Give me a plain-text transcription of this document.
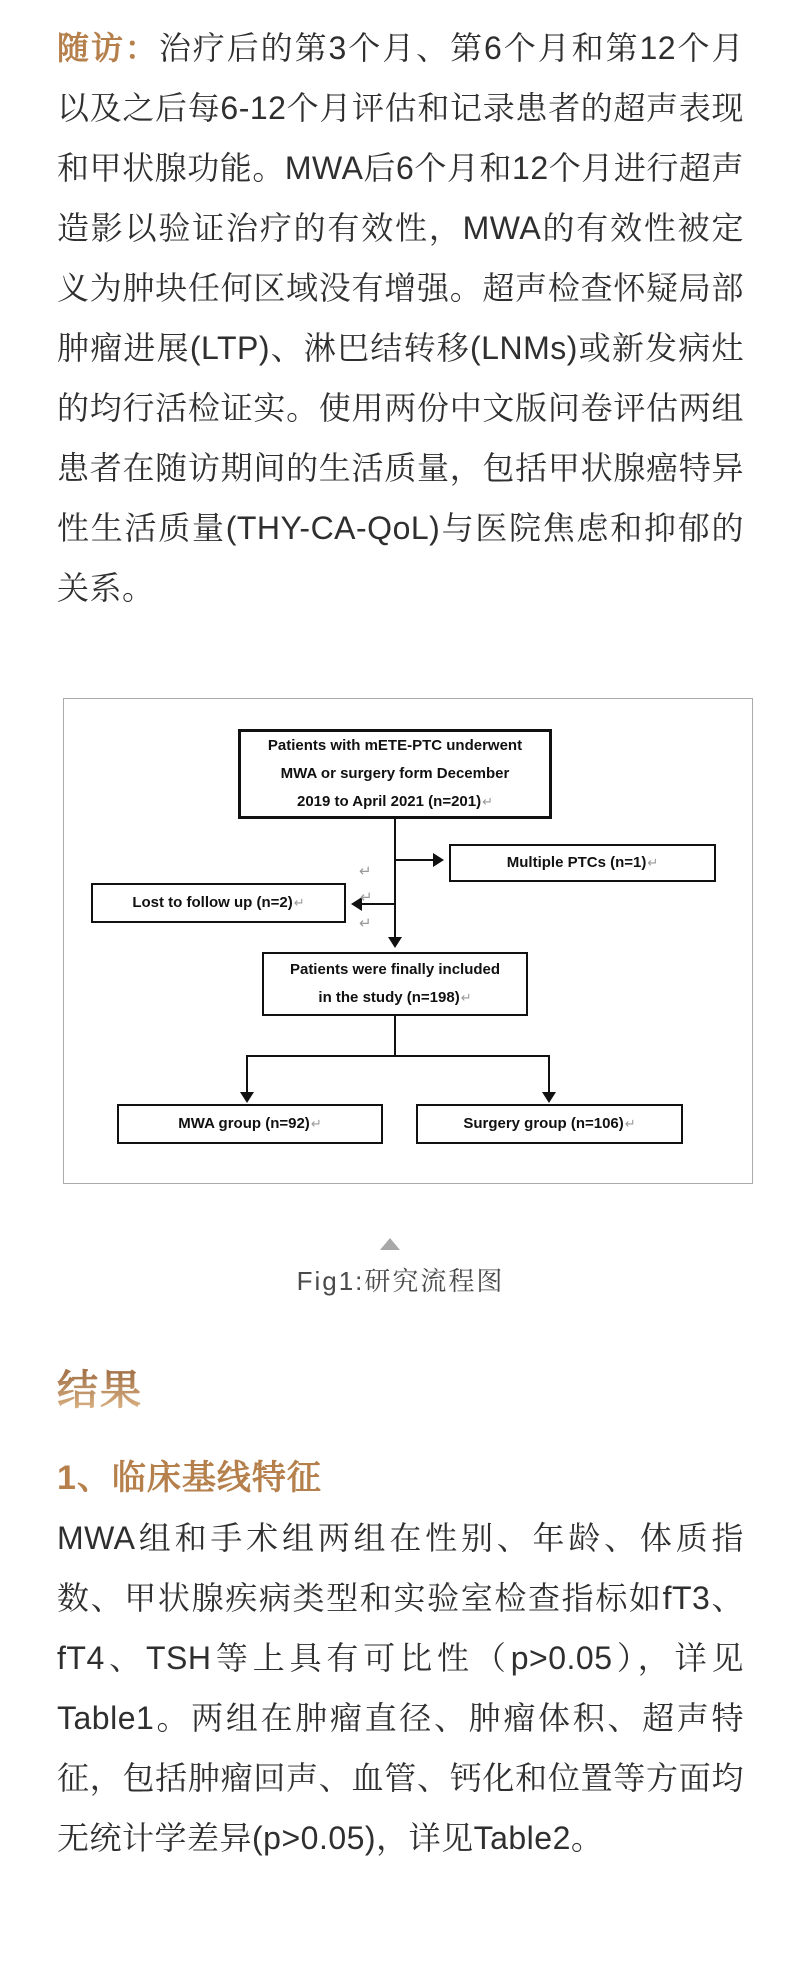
随访：治疗后的第3个月、第6个月和第12个月以及之后每6-12个月评估和记录患者的超声表现和甲状腺功能。MWA后6个月和12个月进行超声造影以验证治疗的有效性，MWA的有效性被定义为肿块任何区域没有增强。超声检查怀疑局部肿瘤进展(LTP)、淋巴结转移(LNMs)或新发病灶的均行活检证实。使用两份中文版问卷评估两组患者在随访期间的生活质量，包括甲状腺癌特异性生活质量(THY-CA-QoL)与医院焦虑和抑郁的关系。

Patients with mETE-PTC underwent
MWA or surgery form December
2019 to April 2021 (n=201)↵
Multiple PTCs (n=1)↵
Lost to follow up (n=2)↵
↵
↵
↵
Patients were finally included
in the study (n=198)↵
MWA group (n=92)↵	Surgery group (n=106)↵
Fig1:研究流程图
结果
1、临床基线特征

MWA组和手术组两组在性别、年龄、体质指数、甲状腺疾病类型和实验室检查指标如fT3、fT4、TSH等上具有可比性（p>0.05），详见Table1。两组在肿瘤直径、肿瘤体积、超声特征，包括肿瘤回声、血管、钙化和位置等方面均无统计学差异(p>0.05)，详见Table2。
